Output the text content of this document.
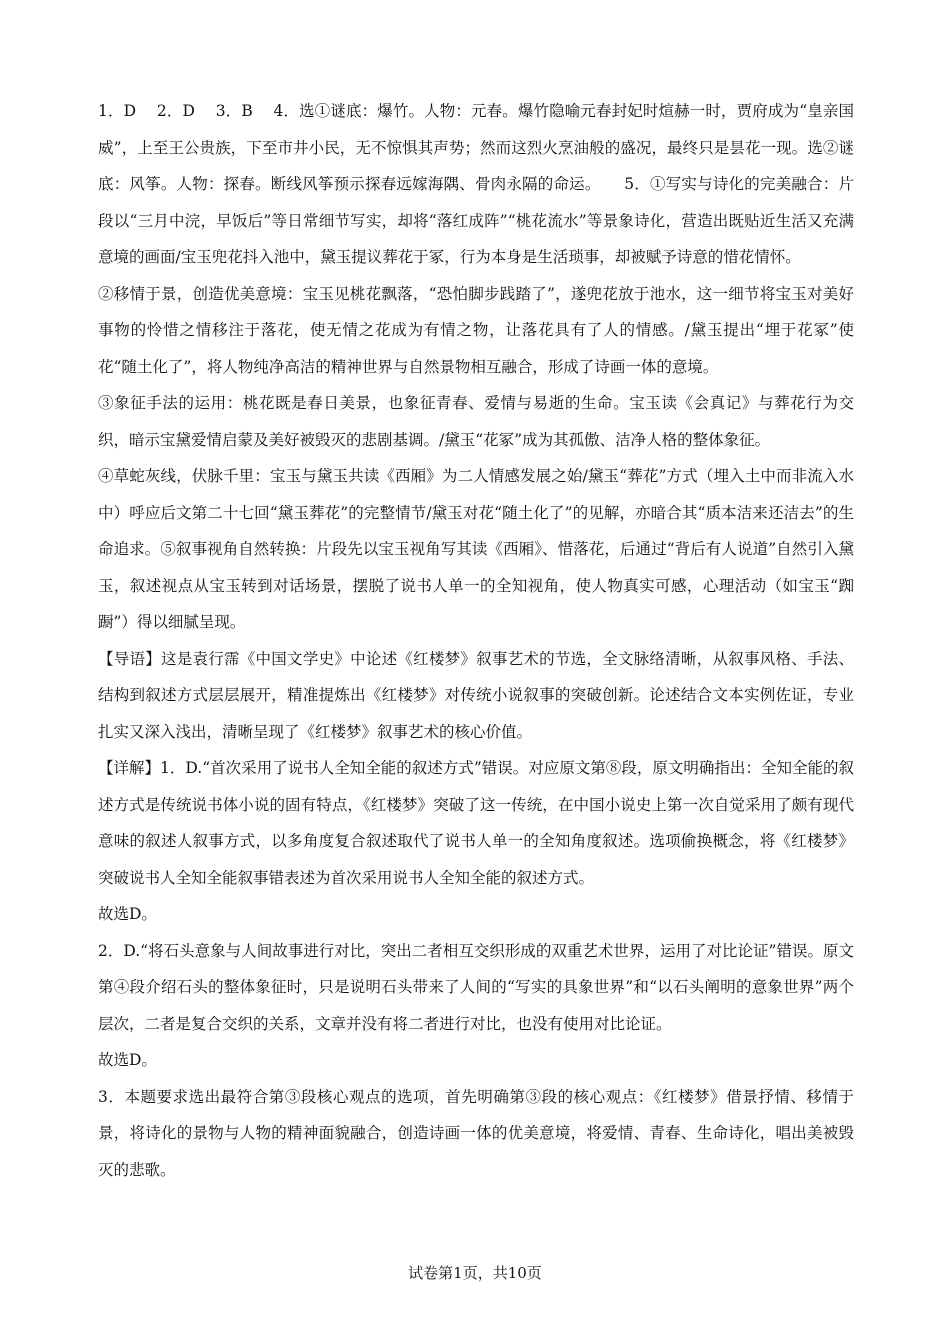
1．D　 2．D　 3．B　 4．选①谜底：爆竹。人物：元春。爆竹隐喻元春封妃时煊赫一时，贾府成为“皇亲国威”，上至王公贵族，下至市井小民，无不惊惧其声势；然而这烈火烹油般的盛况，最终只是昙花一现。选②谜底：风筝。人物：探春。断线风筝预示探春远嫁海隅、骨肉永隔的命运。　　5．①写实与诗化的完美融合：片段以“三月中浣，早饭后”等日常细节写实，却将“落红成阵”“桃花流水”等景象诗化，营造出既贴近生活又充满意境的画面/宝玉兜花抖入池中，黛玉提议葬花于冢，行为本身是生活琐事，却被赋予诗意的惜花情怀。

②移情于景，创造优美意境：宝玉见桃花飘落，“恐怕脚步践踏了”，遂兜花放于池水，这一细节将宝玉对美好事物的怜惜之情移注于落花，使无情之花成为有情之物，让落花具有了人的情感。/黛玉提出“埋于花冢”使花“随土化了”，将人物纯净高洁的精神世界与自然景物相互融合，形成了诗画一体的意境。

③象征手法的运用：桃花既是春日美景，也象征青春、爱情与易逝的生命。宝玉读《会真记》与葬花行为交织，暗示宝黛爱情启蒙及美好被毁灭的悲剧基调。/黛玉“花冢”成为其孤傲、洁净人格的整体象征。

④草蛇灰线，伏脉千里：宝玉与黛玉共读《西厢》为二人情感发展之始/黛玉“葬花”方式（埋入土中而非流入水中）呼应后文第二十七回“黛玉葬花”的完整情节/黛玉对花“随土化了”的见解，亦暗合其“质本洁来还洁去”的生命追求。⑤叙事视角自然转换：片段先以宝玉视角写其读《西厢》、惜落花，后通过“背后有人说道”自然引入黛玉，叙述视点从宝玉转到对话场景，摆脱了说书人单一的全知视角，使人物真实可感，心理活动（如宝玉“踟蹰”）得以细腻呈现。

【导语】这是袁行霈《中国文学史》中论述《红楼梦》叙事艺术的节选，全文脉络清晰，从叙事风格、手法、结构到叙述方式层层展开，精准提炼出《红楼梦》对传统小说叙事的突破创新。论述结合文本实例佐证，专业扎实又深入浅出，清晰呈现了《红楼梦》叙事艺术的核心价值。

【详解】1．D.“首次采用了说书人全知全能的叙述方式”错误。对应原文第⑧段，原文明确指出：全知全能的叙述方式是传统说书体小说的固有特点，《红楼梦》突破了这一传统，在中国小说史上第一次自觉采用了颇有现代意味的叙述人叙事方式，以多角度复合叙述取代了说书人单一的全知角度叙述。选项偷换概念，将《红楼梦》突破说书人全知全能叙事错表述为首次采用说书人全知全能的叙述方式。

故选D。

2．D.“将石头意象与人间故事进行对比，突出二者相互交织形成的双重艺术世界，运用了对比论证”错误。原文第④段介绍石头的整体象征时，只是说明石头带来了人间的“写实的具象世界”和“以石头阐明的意象世界”两个层次，二者是复合交织的关系，文章并没有将二者进行对比，也没有使用对比论证。

故选D。

3．本题要求选出最符合第③段核心观点的选项，首先明确第③段的核心观点：《红楼梦》借景抒情、移情于景，将诗化的景物与人物的精神面貌融合，创造诗画一体的优美意境，将爱情、青春、生命诗化，唱出美被毁灭的悲歌。

试卷第1页，共10页
